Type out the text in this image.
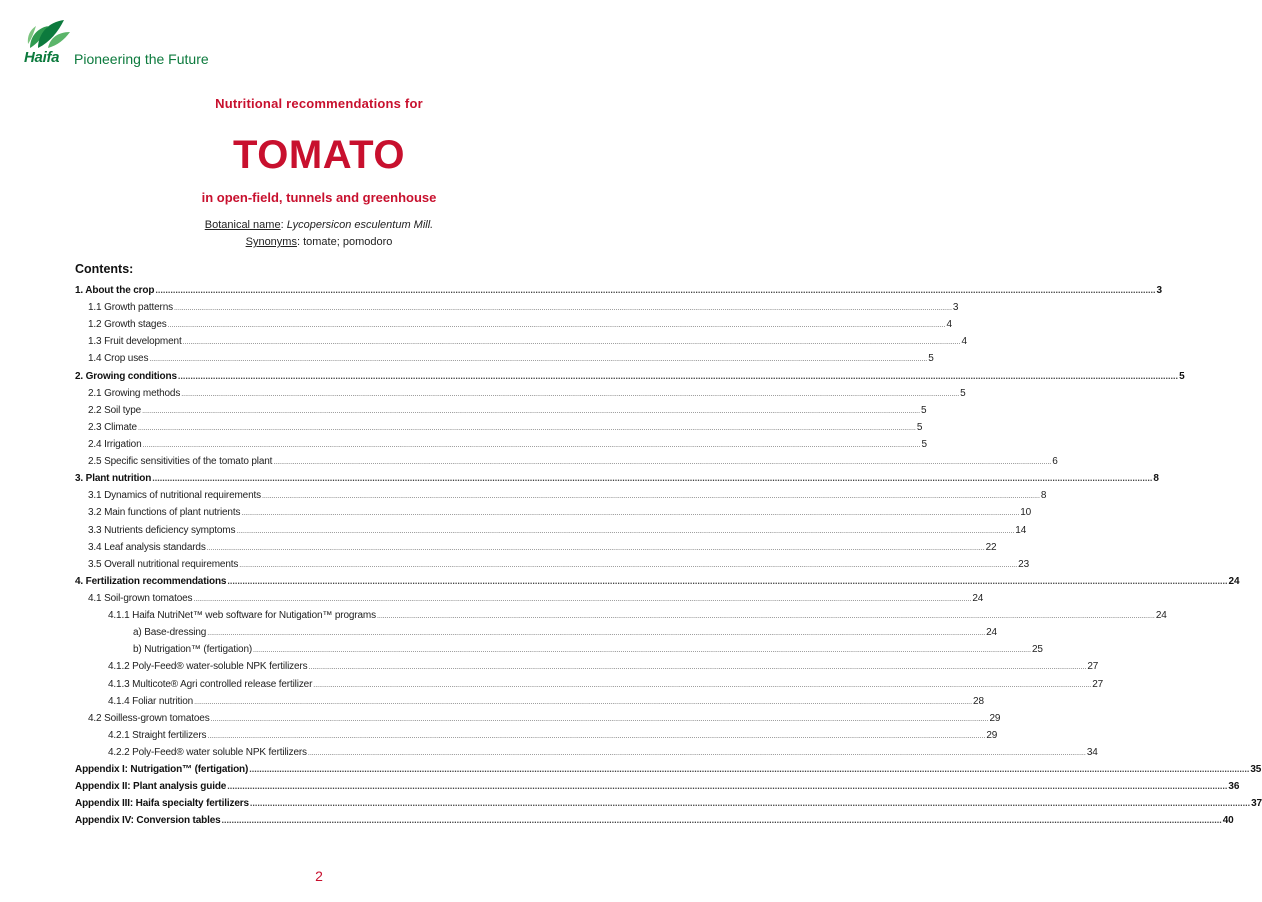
Haifa Pioneering the Future
Nutritional recommendations for
TOMATO
in open-field, tunnels and greenhouse
Botanical name: Lycopersicon esculentum Mill.
Synonyms: tomate; pomodoro
Contents:
1. About the crop ................................................................................................................................................................................................................................................................................................................................................................................................................ 3
1.1 Growth patterns ................................................................................................................................................................................................................................................................................................................................................................................................................ 3
1.2 Growth stages ................................................................................................................................................................................................................................................................................................................................................................................................................ 4
1.3 Fruit development ................................................................................................................................................................................................................................................................................................................................................................................................................ 4
1.4 Crop uses ................................................................................................................................................................................................................................................................................................................................................................................................................ 5
2. Growing conditions ................................................................................................................................................................................................................................................................................................................................................................................................................ 5
2.1 Growing methods ................................................................................................................................................................................................................................................................................................................................................................................................................ 5
2.2 Soil type ................................................................................................................................................................................................................................................................................................................................................................................................................ 5
2.3 Climate ................................................................................................................................................................................................................................................................................................................................................................................................................ 5
2.4 Irrigation ................................................................................................................................................................................................................................................................................................................................................................................................................ 5
2.5 Specific sensitivities of the tomato plant ................................................................................................................................................................................................................................................................................................................................................................................................................ 6
3. Plant nutrition ................................................................................................................................................................................................................................................................................................................................................................................................................ 8
3.1 Dynamics of nutritional requirements ................................................................................................................................................................................................................................................................................................................................................................................................................ 8
3.2 Main functions of plant nutrients ................................................................................................................................................................................................................................................................................................................................................................................................................ 10
3.3 Nutrients deficiency symptoms ................................................................................................................................................................................................................................................................................................................................................................................................................ 14
3.4 Leaf analysis standards ................................................................................................................................................................................................................................................................................................................................................................................................................ 22
3.5 Overall nutritional requirements ................................................................................................................................................................................................................................................................................................................................................................................................................ 23
4. Fertilization recommendations ................................................................................................................................................................................................................................................................................................................................................................................................................ 24
4.1 Soil-grown tomatoes ................................................................................................................................................................................................................................................................................................................................................................................................................ 24
4.1.1 Haifa NutriNet™ web software for Nutigation™ programs ................................................................................................................................................................................................................................................................................................................................................................................................................ 24
a) Base-dressing ................................................................................................................................................................................................................................................................................................................................................................................................................ 24
b) Nutrigation™ (fertigation) ................................................................................................................................................................................................................................................................................................................................................................................................................ 25
4.1.2 Poly-Feed® water-soluble NPK fertilizers ................................................................................................................................................................................................................................................................................................................................................................................................................ 27
4.1.3 Multicote® Agri controlled release fertilizer ................................................................................................................................................................................................................................................................................................................................................................................................................ 27
4.1.4 Foliar nutrition ................................................................................................................................................................................................................................................................................................................................................................................................................ 28
4.2 Soilless-grown tomatoes ................................................................................................................................................................................................................................................................................................................................................................................................................ 29
4.2.1 Straight fertilizers ................................................................................................................................................................................................................................................................................................................................................................................................................ 29
4.2.2 Poly-Feed® water soluble NPK fertilizers ................................................................................................................................................................................................................................................................................................................................................................................................................ 34
Appendix I: Nutrigation™ (fertigation) ................................................................................................................................................................................................................................................................................................................................................................................................................ 35
Appendix II: Plant analysis guide ................................................................................................................................................................................................................................................................................................................................................................................................................ 36
Appendix III: Haifa specialty fertilizers ................................................................................................................................................................................................................................................................................................................................................................................................................ 37
Appendix IV: Conversion tables ................................................................................................................................................................................................................................................................................................................................................................................................................ 40
2
